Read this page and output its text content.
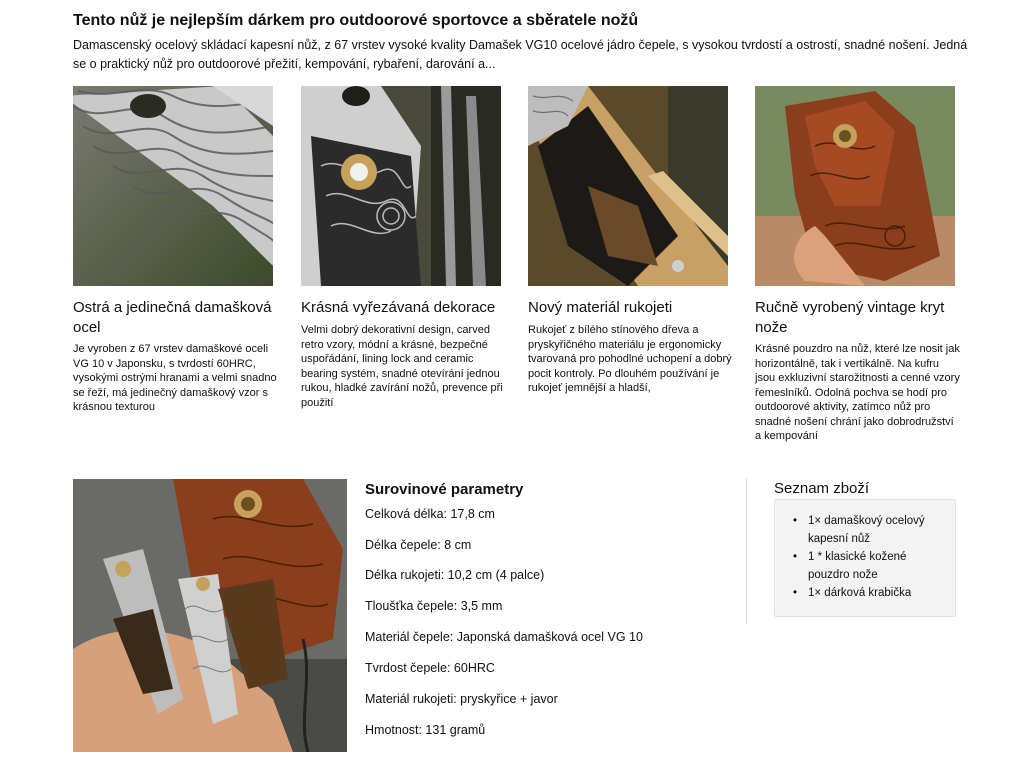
Tento nůž je nejlepším dárkem pro outdoorové sportovce a sběratele nožů
Damascenský ocelový skládací kapesní nůž, z 67 vrstev vysoké kvality Damašek VG10 ocelové jádro čepele, s vysokou tvrdostí a ostrostí, snadné nošení. Jedná se o praktický nůž pro outdoorové přežití, kempování, rybaření, darování a...
Ostrá a jedinečná damašková ocel
Je vyroben z 67 vrstev damaškové oceli VG 10 v Japonsku, s tvrdostí 60HRC, vysokými ostrými hranami a velmi snadno se řeží, má jedinečný damaškový vzor s krásnou texturou
Krásná vyřezávaná dekorace
Velmi dobrý dekorativní design, carved retro vzory, módní a krásné, bezpečné uspořádání, lining lock and ceramic bearing systém, snadné otevírání jednou rukou, hladké zavírání nožů, prevence při použití
Nový materiál rukojeti
Rukojeť z bílého stínového dřeva a pryskyřičného materiálu je ergonomicky tvarovaná pro pohodlné uchopení a dobrý pocit kontroly. Po dlouhém používání je rukojeť jemnější a hladší,
Ručně vyrobený vintage kryt nože
Krásné pouzdro na nůž, které lze nosit jak horizontálně, tak i vertikálně. Na kufru jsou exkluzivní starožitnosti a cenné vzory řemeslníků. Odolná pochva se hodí pro outdoorové aktivity, zatímco nůž pro snadné nošení chrání jako dobrodružství a kempování
Surovinové parametry
Celková délka: 17,8 cm
Délka čepele: 8 cm
Délka rukojeti: 10,2 cm (4 palce)
Tloušťka čepele: 3,5 mm
Materiál čepele: Japonská damašková ocel VG 10
Tvrdost čepele: 60HRC
Materiál rukojeti: pryskyřice + javor
Hmotnost: 131 gramů
Seznam zboží
• 1× damaškový ocelový kapesní nůž
• 1 * klasické kožené pouzdro nože
• 1× dárková krabička
